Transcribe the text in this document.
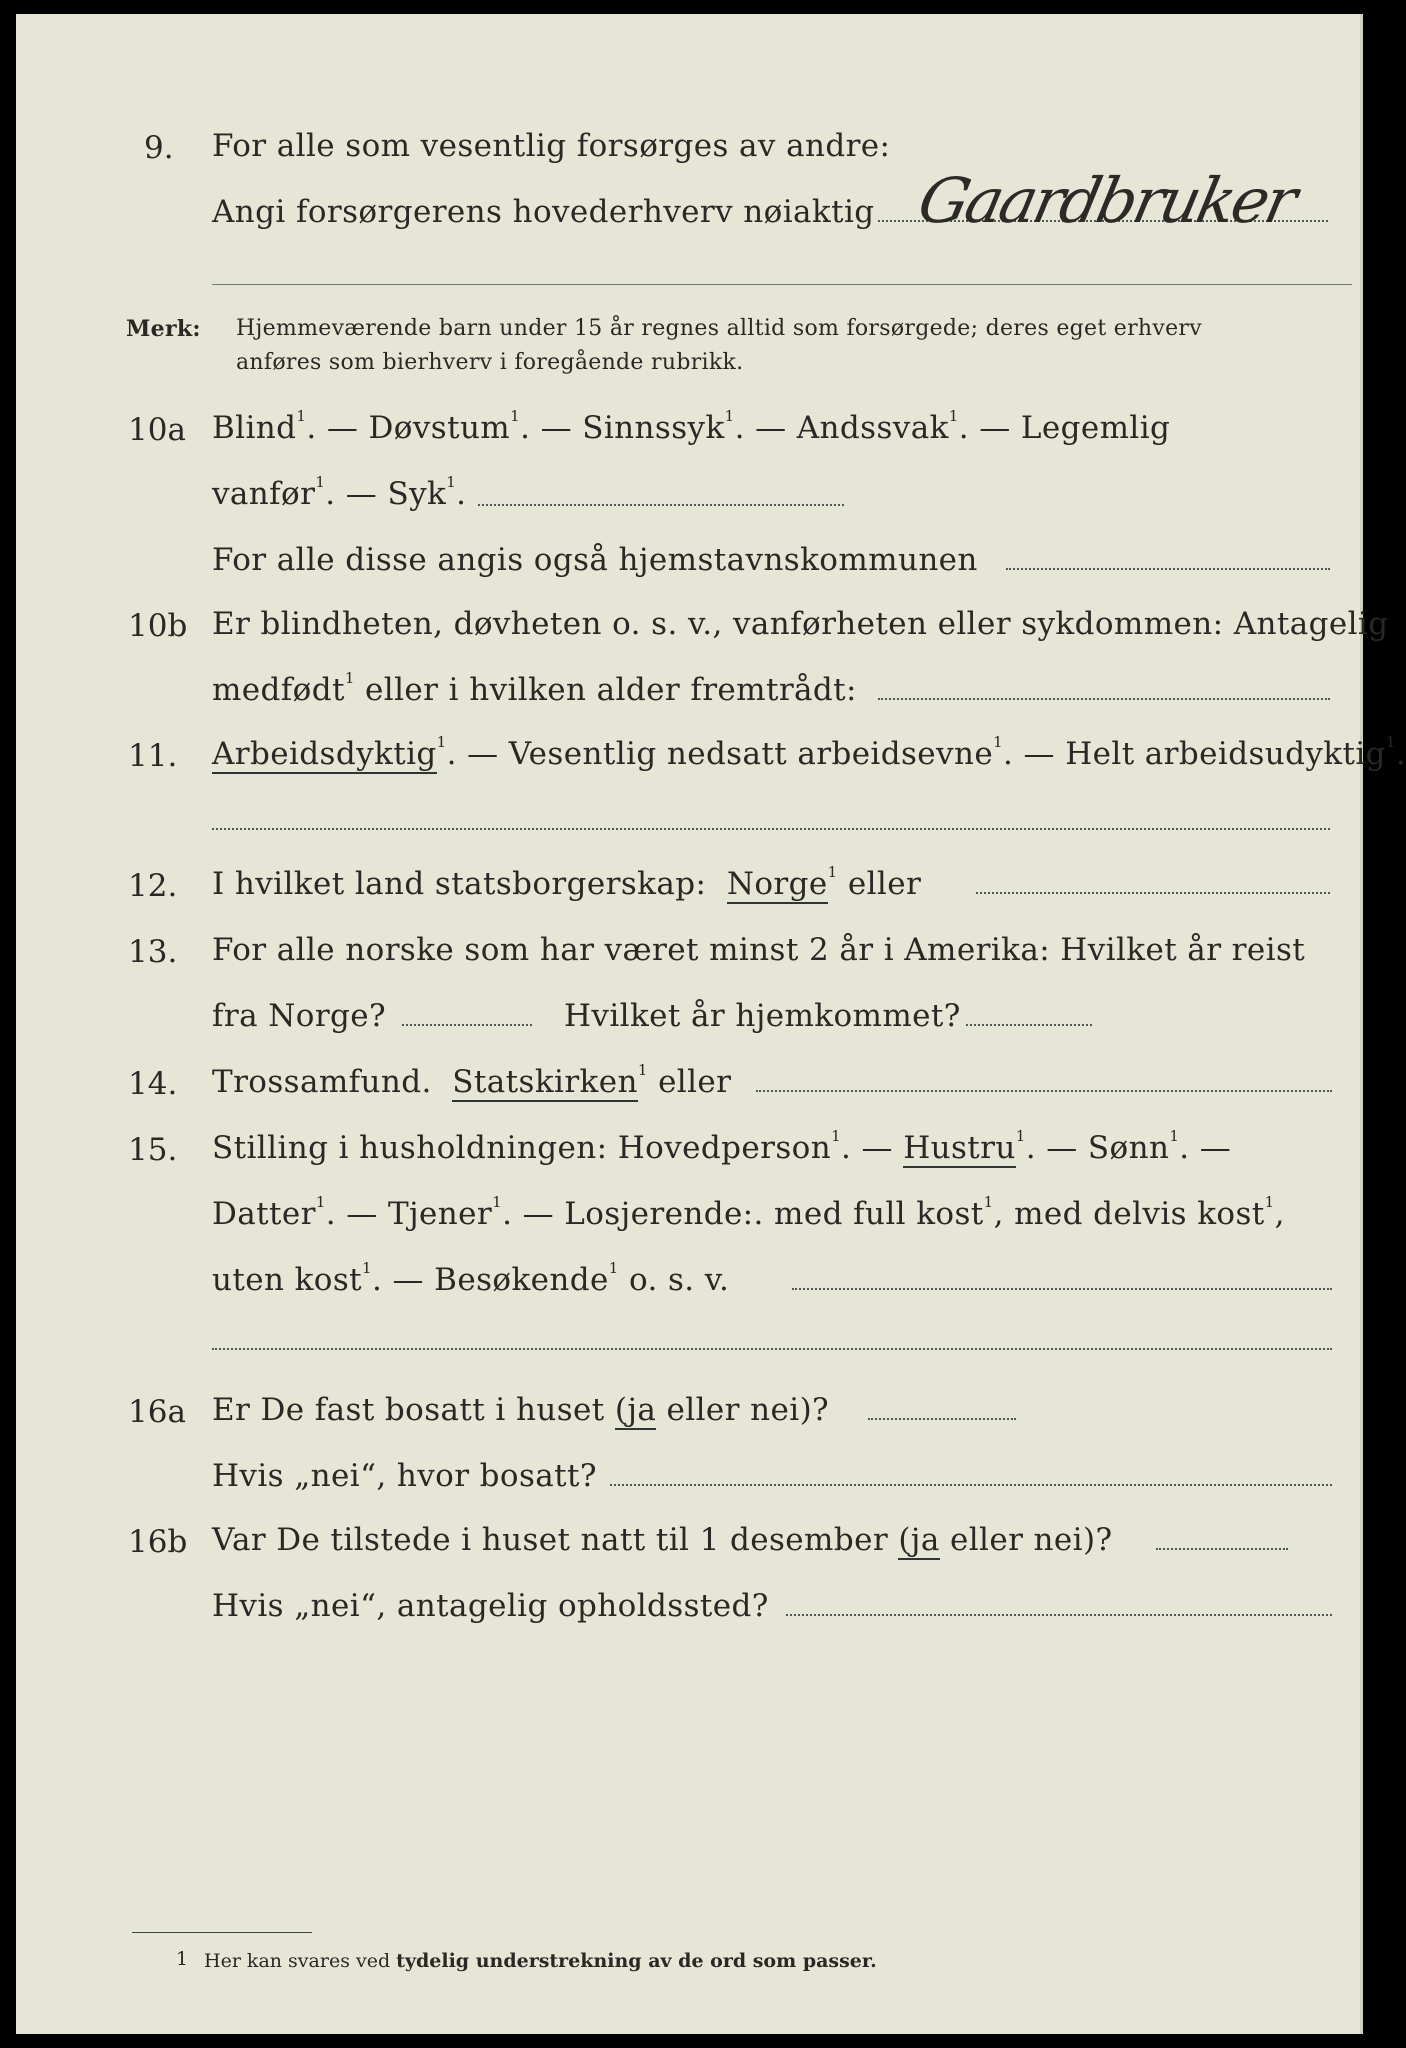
9. For alle som vesentlig forsørges av andre:
Angi forsørgerens hovederhverv nøiaktig Gaardbruker
Merk: Hjemmeværende barn under 15 år regnes alltid som forsørgede; deres eget erhverv
anføres som bierhverv i foregående rubrikk.
10a Blind$^1$. — Døvstum$^1$. — Sinnssyk$^1$. — Andssvak$^1$. — Legemlig
vanfør$^1$. — Syk$^1$.
For alle disse angis også hjemstavnskommunen
10b Er blindheten, døvheten o. s. v., vanførheten eller sykdommen: Antagelig
medfødt$^1$ eller i hvilken alder fremtrådt:
11. Arbeidsdyktig$^1$. — Vesentlig nedsatt arbeidsevne$^1$. — Helt arbeidsudyktig$^1$.
12. I hvilket land statsborgerskap: Norge$^1$ eller
13. For alle norske som har været minst 2 år i Amerika: Hvilket år reist
fra Norge?	Hvilket år hjemkommet?
14. Trossamfund. Statskirken$^1$ eller
15. Stilling i husholdningen: Hovedperson$^1$. — Hustru$^1$. — Sønn$^1$. —
Datter$^1$. — Tjener$^1$. — Losjerende:. med full kost$^1$, med delvis kost$^1$,
uten kost$^1$. — Besøkende$^1$ o. s. v.
16a Er De fast bosatt i huset (ja eller nei)?
Hvis „nei“, hvor bosatt?
16b Var De tilstede i huset natt til 1 desember (ja eller nei)?
Hvis „nei“, antagelig opholdssted?
1 Her kan svares ved tydelig understrekning av de ord som passer.
